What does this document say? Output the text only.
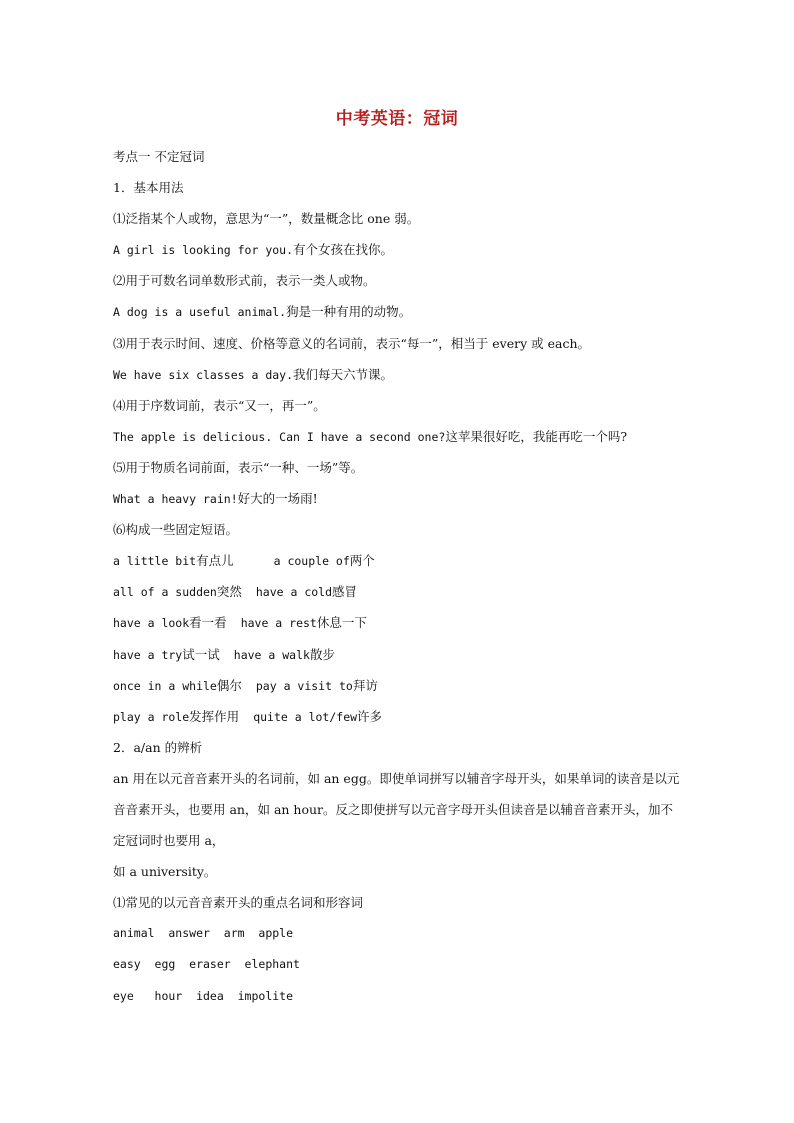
中考英语：冠词
考点一 不定冠词
1．基本用法
⑴泛指某个人或物，意思为“一”，数量概念比 one 弱。
A girl is looking for you.有个女孩在找你。
⑵用于可数名词单数形式前，表示一类人或物。
A dog is a useful animal.狗是一种有用的动物。
⑶用于表示时间、速度、价格等意义的名词前，表示“每一”，相当于 every 或 each。
We have six classes a day.我们每天六节课。
⑷用于序数词前，表示“又一，再一”。
The apple is delicious. Can I have a second one?这苹果很好吃，我能再吃一个吗?
⑸用于物质名词前面，表示“一种、一场”等。
What a heavy rain!好大的一场雨!
⑹构成一些固定短语。
a little bit有点儿	a couple of两个
all of a sudden突然 have a cold感冒
have a look看一看 have a rest休息一下
have a try试一试 have a walk散步
once in a while偶尔 pay a visit to拜访
play a role发挥作用 quite a lot/few许多
2．a/an 的辨析
an 用在以元音音素开头的名词前，如 an egg。即使单词拼写以辅音字母开头，如果单词的读音是以元音音素开头，也要用 an，如 an hour。反之即使拼写以元音字母开头但读音是以辅音音素开头，加不定冠词时也要用 a，
如 a university。
⑴常见的以元音音素开头的重点名词和形容词
animal  answer  arm  apple
easy  egg  eraser  elephant
eye   hour  idea  impolite
